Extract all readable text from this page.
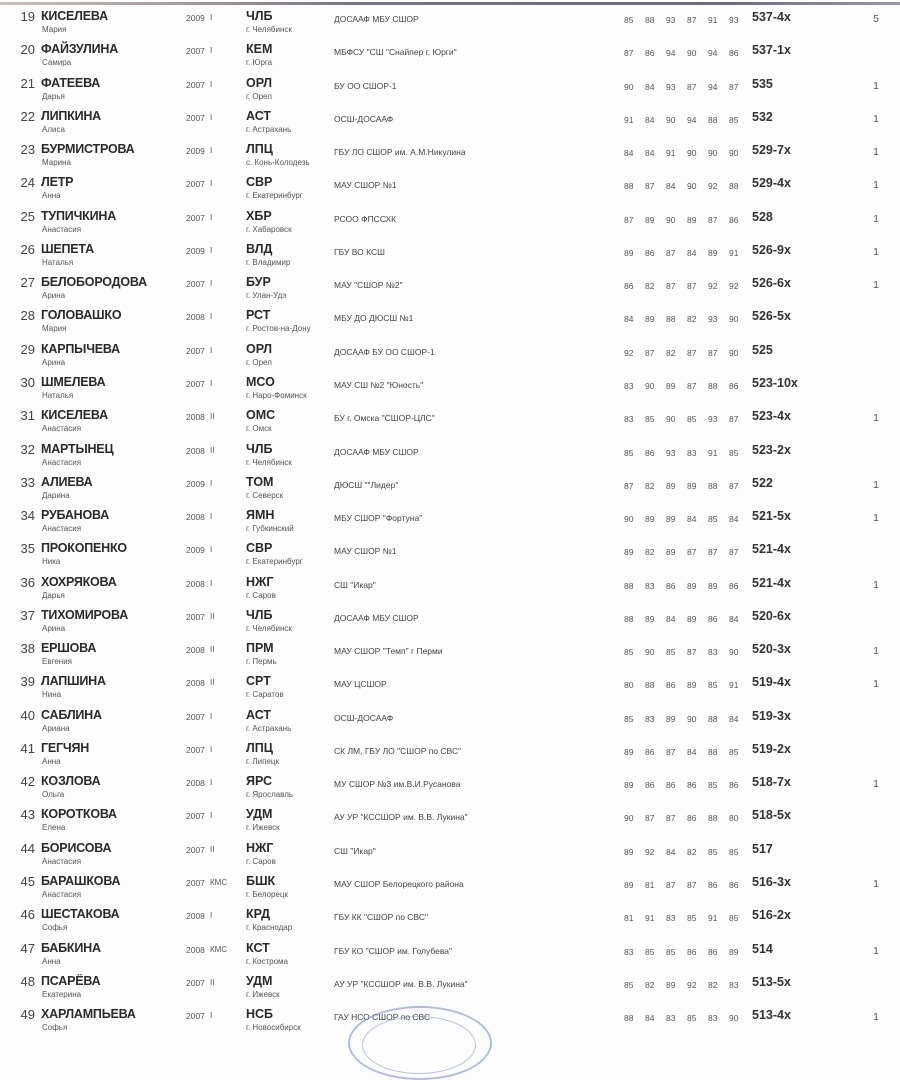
19 КИСЕЛЕВА
Мария
2009 I	ЧЛБ
г. Челябинск
ДОСААФ МБУ СШОР	537-4x	5
85 88 93 87 91 93
20 ФАЙЗУЛИНА
Самира
2007 I	КЕМ
г. Юрга
МБФСУ "СШ "Снайпер г. Юрги"	537-1x
87 86 94 90 94 86
21 ФАТЕЕВА
Дарья
2007 I	ОРЛ
г. Орел
БУ ОО СШОР-1	535	1
90 84 93 87 94 87
22 ЛИПКИНА
Алиса
2007 I	АСТ
г. Астрахань
ОСШ-ДОСААФ	532	1
91 84 90 94 88 85
23 БУРМИСТРОВА
Марина
2009 I	ЛПЦ
с. Конь-Колодезь
ГБУ ЛО СШОР им. А.М.Никулина	529-7x	1
84 84 91 90 90 90
24 ЛЕТР
Анна
2007 I	СВР
г. Екатеринбург
МАУ СШОР №1	529-4x	1
88 87 84 90 92 88
25 ТУПИЧКИНА
Анастасия
2007 I	ХБР
г. Хабаровск
РСОО ФПССХК	528	1
87 89 90 89 87 86
26 ШЕПЕТА
Наталья
2009 I	ВЛД
г. Владимир
ГБУ ВО КСШ	526-9x	1
89 86 87 84 89 91
27 БЕЛОБОРОДОВА
Арина
2007 I	БУР
г. Улан-Удэ
МАУ "СШОР №2"	526-6x	1
86 82 87 87 92 92
28 ГОЛОВАШКО
Мария
2008 I	РСТ
г. Ростов-на-Дону
МБУ ДО ДЮСШ №1	526-5x
84 89 88 82 93 90
29 КАРПЫЧЕВА
Арина
2007 I	ОРЛ
г. Орел
ДОСААФ БУ ОО СШОР-1	525
92 87 82 87 87 90
30 ШМЕЛЕВА
Наталья
2007 I	МСО
г. Наро-Фоминск
МАУ СШ №2 "Юность"	523-10x
83 90 89 87 88 86
31 КИСЕЛЕВА
Анастасия
2008 II	ОМС
г. Омск
БУ г. Омска "СШОР-ЦЛС"	523-4x	1
83 85 90 85 93 87
32 МАРТЫНЕЦ
Анастасия
2008 II	ЧЛБ
г. Челябинск
ДОСААФ МБУ СШОР	523-2x
85 86 93 83 91 85
33 АЛИЕВА
Дарина
2009 I	ТОМ
г. Северск
ДЮСШ ""Лидер"	522	1
87 82 89 89 88 87
34 РУБАНОВА
Анастасия
2008 I	ЯМН
г. Губкинский
МБУ СШОР "Фортуна"	521-5x	1
90 89 89 84 85 84
35 ПРОКОПЕНКО
Ника
2009 I	СВР
г. Екатеринбург
МАУ СШОР №1	521-4x
89 82 89 87 87 87
36 ХОХРЯКОВА
Дарья
2008 I	НЖГ
г. Саров
СШ "Икар"	521-4x	1
88 83 86 89 89 86
37 ТИХОМИРОВА
Арина
2007 II	ЧЛБ
г. Челябинск
ДОСААФ МБУ СШОР	520-6x
88 89 84 89 86 84
38 ЕРШОВА
Евгения
2008 II	ПРМ
г. Пермь
МАУ СШОР "Темп" г Перми	520-3x	1
85 90 85 87 83 90
39 ЛАПШИНА
Нина
2008 II	СРТ
г. Саратов
МАУ ЦСШОР	519-4x	1
80 88 86 89 85 91
40 САБЛИНА
Ариана
2007 I	АСТ
г. Астрахань
ОСШ-ДОСААФ	519-3x
85 83 89 90 88 84
41 ГЕГЧЯН
Анна
2007 I	ЛПЦ
г. Липецк
СК ЛМ, ГБУ ЛО "СШОР по СВС"	519-2x
89 86 87 84 88 85
42 КОЗЛОВА
Ольга
2008 I	ЯРС
г. Ярославль
МУ СШОР №3 им.В.И.Русанова	518-7x	1
89 86 86 86 85 86
43 КОРОТКОВА
Елена
2007 I	УДМ
г. Ижевск
АУ УР "КССШОР им. В.В. Лукина"	518-5x
90 87 87 86 88 80
44 БОРИСОВА
Анастасия
2007 II	НЖГ
г. Саров
СШ "Икар"	517
89 92 84 82 85 85
45 БАРАШКОВА
Анастасия
2007 КМС БШК
г. Белорецк
МАУ СШОР Белорецкого района	516-3x	1
89 81 87 87 86 86
46 ШЕСТАКОВА
Софья
2008 I	КРД
г. Краснодар
ГБУ КК "СШОР по СВС"	516-2x
81 91 83 85 91 85
47 БАБКИНА
Анна
2008 КМС КСТ
г. Кострома
ГБУ КО "СШОР им. Голубева"	514	1
83 85 85 86 86 89
48 ПСАРЁВА
Екатерина
2007 II	УДМ
г. Ижевск
АУ УР "КССШОР им. В.В. Лукина"	513-5x
85 82 89 92 82 83
49 ХАРЛАМПЬЕВА
Софья
2007 I	НСБ
г. Новосибирск
ГАУ НСО СШОР по СВС	513-4x	1
88 84 83 85 83 90
